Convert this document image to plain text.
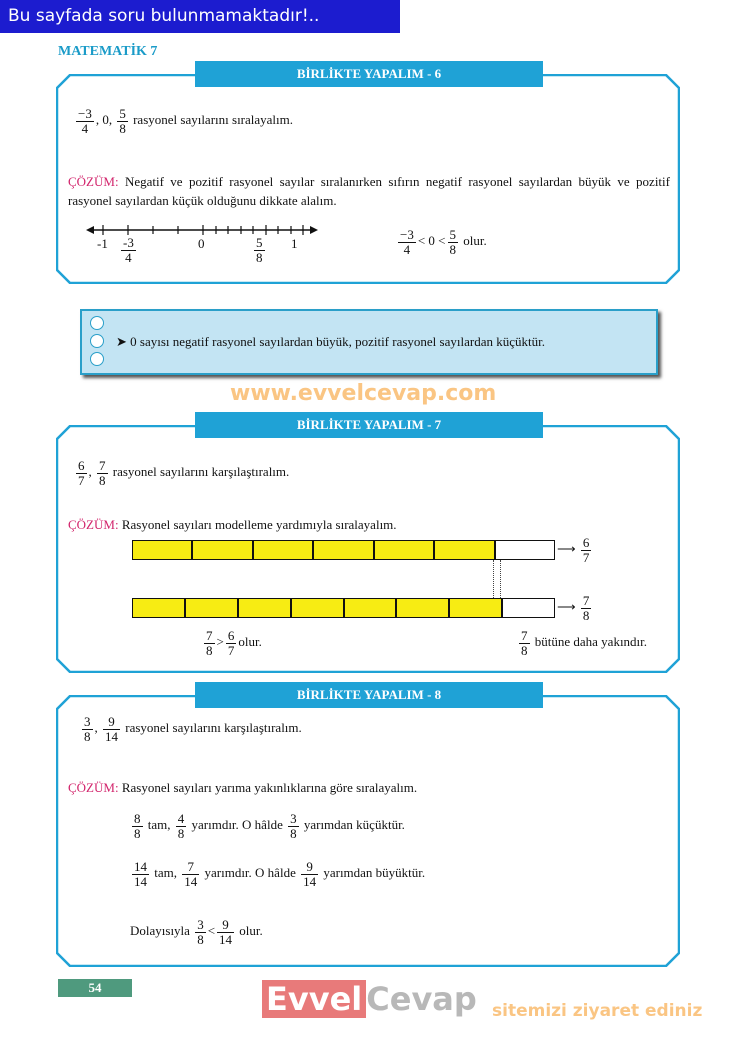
Bu sayfada soru bulunmamaktadır!..
MATEMATİK 7
BİRLİKTE YAPALIM - 6
$\frac{-3}{4}$ , 0, $\frac{5}{8}$ rasyonel sayılarını sıralayalım.
ÇÖZÜM: Negatif ve pozitif rasyonel sayılar sıralanırken sıfırın negatif rasyonel sayılardan büyük ve pozitif rasyonel sayılardan küçük olduğunu dikkate alalım.
$-1 \frac{-3}{4}$	0	$\frac{5}{8} 1$	$\frac{-3}{4} < 0 < \frac{5}{8}$ olur.
➤ 0 sayısı negatif rasyonel sayılardan büyük, pozitif rasyonel sayılardan küçüktür.
www.evvelcevap.com
BİRLİKTE YAPALIM - 7
$\frac{6}{7}$ , $\frac{7}{8}$ rasyonel sayılarını karşılaştıralım.
ÇÖZÜM: Rasyonel sayıları modelleme yardımıyla sıralayalım.
⟶ $\frac{6}{7}$
⟶ $\frac{7}{8}$
$\frac{7}{8} > \frac{6}{7}$ olur.	$\frac{7}{8}$ bütüne daha yakındır.
BİRLİKTE YAPALIM - 8
$\frac{3}{8}$ , $\frac{9}{14}$ rasyonel sayılarını karşılaştıralım.
ÇÖZÜM: Rasyonel sayıları yarıma yakınlıklarına göre sıralayalım.
$\frac{8}{8}$ tam, $\frac{4}{8}$ yarımdır. O hâlde $\frac{3}{8}$ yarımdan küçüktür.
$\frac{14}{14}$ tam, $\frac{7}{14}$ yarımdır. O hâlde $\frac{9}{14}$ yarımdan büyüktür.
Dolayısıyla $\frac{3}{8} < \frac{9}{14}$ olur.
54	Evvel Cevap sitemizi ziyaret ediniz
